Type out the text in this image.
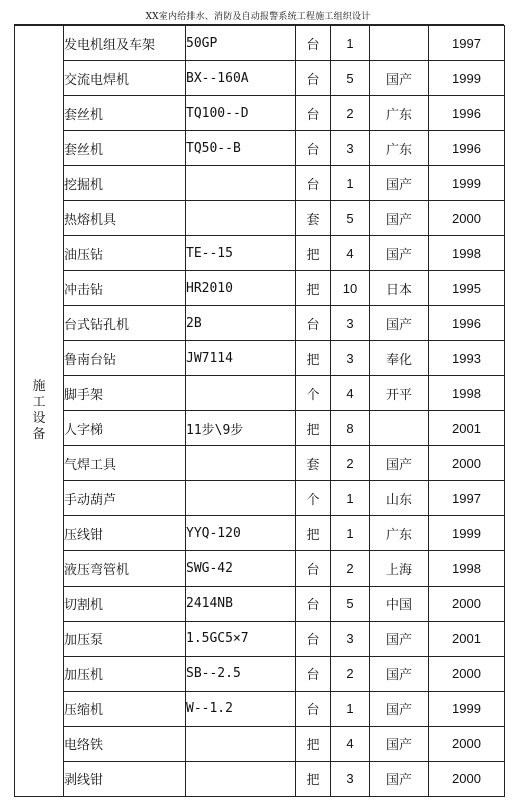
XX室内给排水、消防及自动报警系统工程施工组织设计
施工设备	发电机组及车架	50GP	台	1		1997
	交流电焊机	BX--160A	台	5	国产	1999
	套丝机	TQ100--D	台	2	广东	1996
	套丝机	TQ50--B	台	3	广东	1996
	挖掘机		台	1	国产	1999
	热熔机具		套	5	国产	2000
	油压钻	TE--15	把	4	国产	1998
	冲击钻	HR2010	把	10	日本	1995
	台式钻孔机	2B	台	3	国产	1996
	鲁南台钻	JW7114	把	3	奉化	1993
	脚手架		个	4	开平	1998
	人字梯	11步\9步	把	8		2001
	气焊工具		套	2	国产	2000
	手动葫芦		个	1	山东	1997
	压线钳	YYQ-120	把	1	广东	1999
	液压弯管机	SWG-42	台	2	上海	1998
	切割机	2414NB	台	5	中国	2000
	加压泵	1.5GC5×7	台	3	国产	2001
	加压机	SB--2.5	台	2	国产	2000
	压缩机	W--1.2	台	1	国产	1999
	电络铁		把	4	国产	2000
	剥线钳		把	3	国产	2000
